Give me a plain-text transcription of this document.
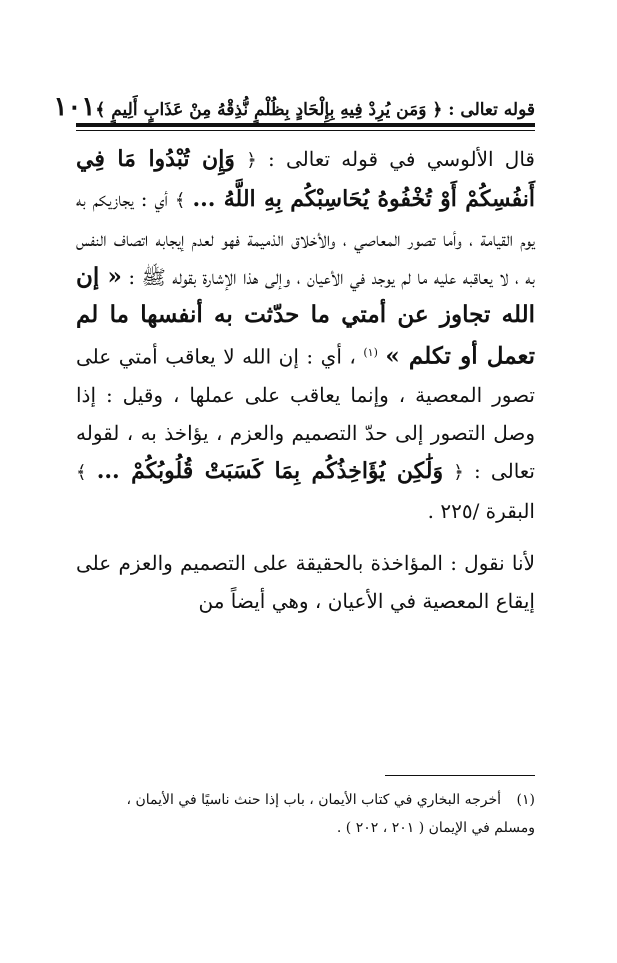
قوله تعالى : ﴿ وَمَن يُرِدْ فِيهِ بِإِلْحَادٍ بِظُلْمٍ نُّذِقْهُ مِنْ عَذَابٍ أَلِيمٍ ﴾
١٠١

قال الألوسي في قوله تعالى : ﴿ وَإِن تُبْدُوا مَا فِي أَنفُسِكُمْ أَوْ تُخْفُوهُ يُحَاسِبْكُم بِهِ اللَّهُ ... ﴾ أي : يجازيكم به يوم القيامة ، وأما تصور المعاصي ، والأخلاق الذميمة فهو لعدم إيجابه اتصاف النفس به ، لا يعاقبه عليه ما لم يوجد في الأعيان ، وإلى هذا الإشارة بقوله ﷺ : « إن الله تجاوز عن أمتي ما حدّثت به أنفسها ما لم تعمل أو تكلم » $^{(١)}$ ، أي : إن الله لا يعاقب أمتي على تصور المعصية ، وإنما يعاقب على عملها ، وقيل : إذا وصل التصور إلى حدّ التصميم والعزم ، يؤاخذ به ، لقوله تعالى : ﴿ وَلَٰكِن يُؤَاخِذُكُم بِمَا كَسَبَتْ قُلُوبُكُمْ ... ﴾ البقرة /٢٢٥ .

لأنا نقول : المؤاخذة بالحقيقة على التصميم والعزم على إيقاع المعصية في الأعيان ، وهي أيضاً من

(١)أخرجه البخاري في كتاب الأيمان ، باب إذا حنث ناسيًا في الأيمان ،

ومسلم في الإيمان ( ٢٠١ ، ٢٠٢ ) .
